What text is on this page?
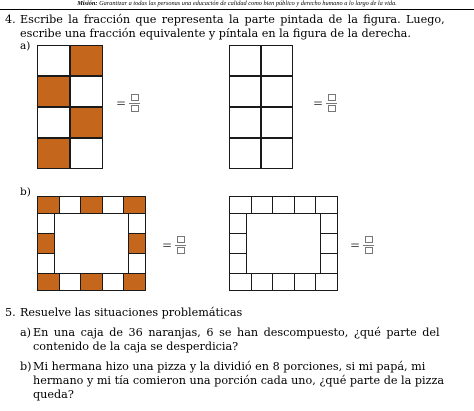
Misión: Garantizar a todas las personas una educación de calidad como bien público y derecho humano a lo largo de la vida.
4. Escribe la fracción que representa la parte pintada de la figura. Luego,
escribe una fracción equivalente y píntala en la figura de la derecha.
a)
=	=
b)
=	=
5. Resuelve las situaciones problemáticas
a) En una caja de 36 naranjas, 6 se han descompuesto, ¿qué parte del
contenido de la caja se desperdicia?
b) Mi hermana hizo una pizza y la dividió en 8 porciones, si mi papá, mi
hermano y mi tía comieron una porción cada uno, ¿qué parte de la pizza
queda?
